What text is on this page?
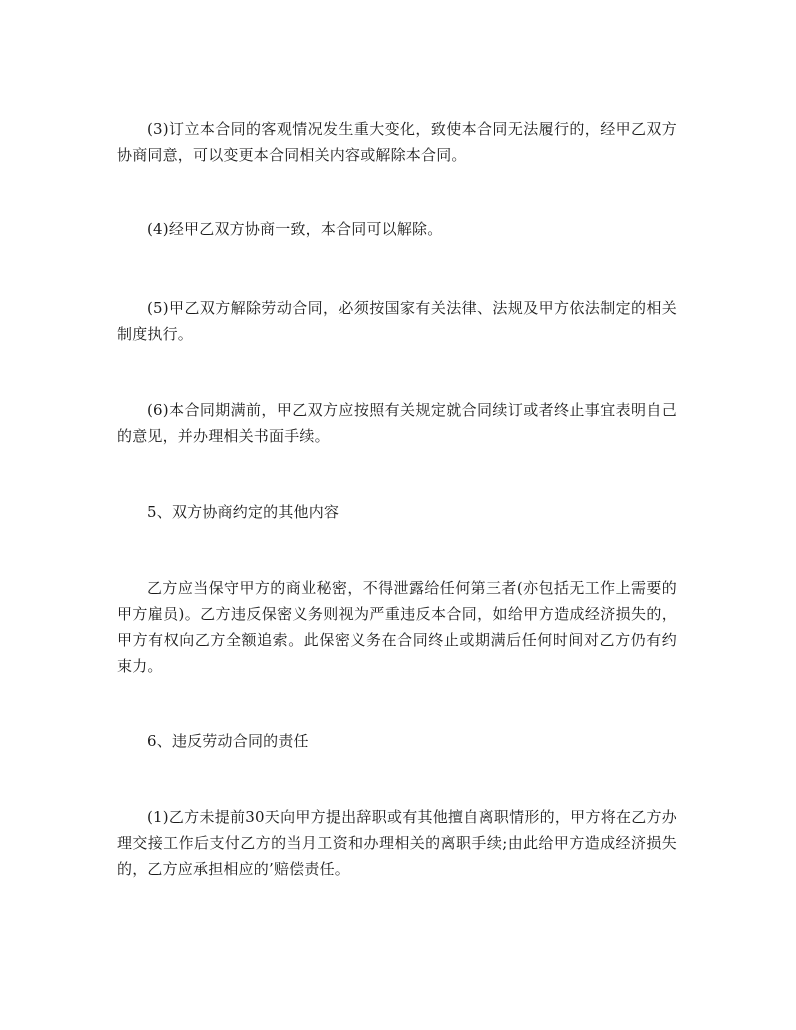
(3)订立本合同的客观情况发生重大变化，致使本合同无法履行的，经甲乙双方协商同意，可以变更本合同相关内容或解除本合同。

(4)经甲乙双方协商一致，本合同可以解除。

(5)甲乙双方解除劳动合同，必须按国家有关法律、法规及甲方依法制定的相关制度执行。

(6)本合同期满前，甲乙双方应按照有关规定就合同续订或者终止事宜表明自己的意见，并办理相关书面手续。

5、双方协商约定的其他内容

乙方应当保守甲方的商业秘密，不得泄露给任何第三者(亦包括无工作上需要的甲方雇员)。乙方违反保密义务则视为严重违反本合同，如给甲方造成经济损失的，甲方有权向乙方全额追索。此保密义务在合同终止或期满后任何时间对乙方仍有约束力。

6、违反劳动合同的责任

(1)乙方未提前30天向甲方提出辞职或有其他擅自离职情形的，甲方将在乙方办理交接工作后支付乙方的当月工资和办理相关的离职手续;由此给甲方造成经济损失的，乙方应承担相应的’赔偿责任。
